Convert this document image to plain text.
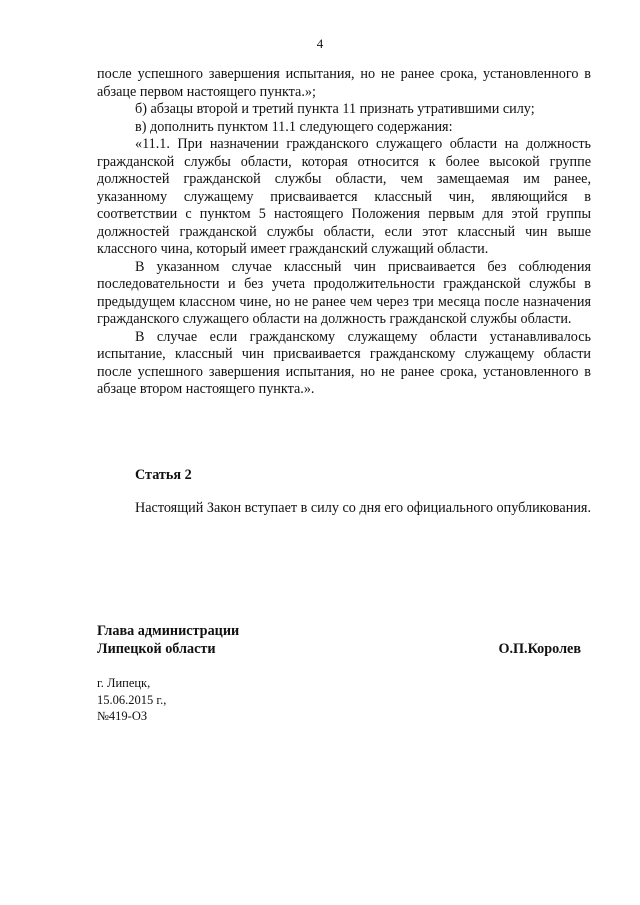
4

после успешного завершения испытания, но не ранее срока, установленного в абзаце первом настоящего пункта.»;

б) абзацы второй и третий пункта 11 признать утратившими силу;

в) дополнить пунктом 11.1 следующего содержания:

«11.1. При назначении гражданского служащего области на должность гражданской службы области, которая относится к более высокой группе должностей гражданской службы области, чем замещаемая им ранее, указанному служащему присваивается классный чин, являющийся в соответствии с пунктом 5 настоящего Положения первым для этой группы должностей гражданской службы области, если этот классный чин выше классного чина, который имеет гражданский служащий области.

В указанном случае классный чин присваивается без соблюдения последовательности и без учета продолжительности гражданской службы в предыдущем классном чине, но не ранее чем через три месяца после назначения гражданского служащего области на должность гражданской службы области.

В случае если гражданскому служащему области устанавливалось испытание, классный чин присваивается гражданскому служащему области после успешного завершения испытания, но не ранее срока, установленного в абзаце втором настоящего пункта.».

Статья 2
Настоящий Закон вступает в силу со дня его официального опубликования.
Глава администрации
Липецкой области	О.П.Королев
г. Липецк,
15.06.2015 г.,
№419-ОЗ
